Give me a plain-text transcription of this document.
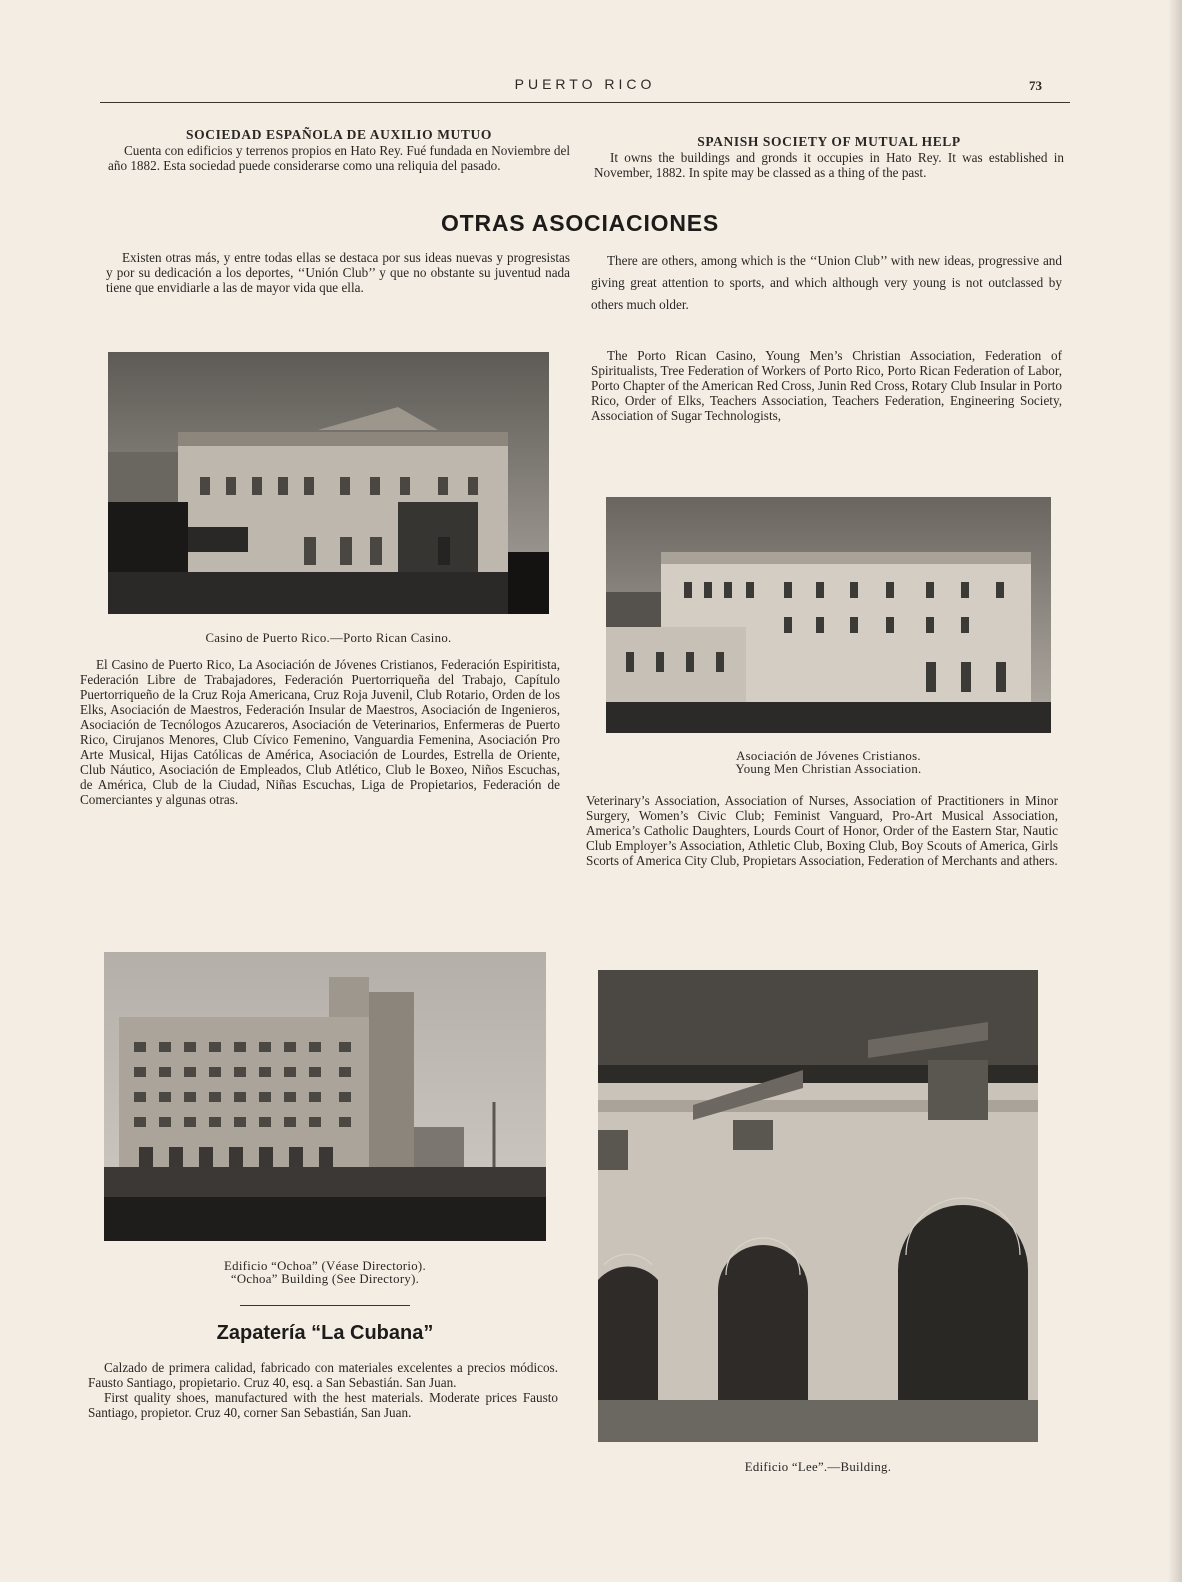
PUERTO RICO	73

SOCIEDAD ESPAÑOLA DE AUXILIO MUTUO

Cuenta con edificios y terrenos propios en Hato Rey. Fué fundada en Noviembre del año 1882. Esta sociedad puede considerarse como una reliquia del pasado.

SPANISH SOCIETY OF MUTUAL HELP

It owns the buildings and gronds it occupies in Hato Rey. It was established in November, 1882. In spite may be classed as a thing of the past.

OTRAS ASOCIACIONES

Existen otras más, y entre todas ellas se destaca por sus ideas nuevas y progresistas y por su dedicación a los deportes, ‘‘Unión Club’’ y que no obstante su juventud nada tiene que envidiarle a las de mayor vida que ella.

There are others, among which is the ‘‘Union Club’’ with new ideas, progressive and giving great attention to sports, and which although very young is not outclassed by others much older.

The Porto Rican Casino, Young Men’s Christian Association, Federation of Spiritualists, Tree Federation of Workers of Porto Rico, Porto Rican Federation of Labor, Porto Chapter of the American Red Cross, Junin Red Cross, Rotary Club Insular in Porto Rico, Order of Elks, Teachers Association, Teachers Federation, Engineering Society, Association of Sugar Technologists,

Casino de Puerto Rico.—Porto Rican Casino.

El Casino de Puerto Rico, La Asociación de Jóvenes Cristianos, Federación Espiritista, Federación Libre de Trabajadores, Federación Puertorriqueña del Trabajo, Capítulo Puertorriqueño de la Cruz Roja Americana, Cruz Roja Juvenil, Club Rotario, Orden de los Elks, Asociación de Maestros, Federación Insular de Maestros, Asociación de Ingenieros, Asociación de Tecnólogos Azucareros, Asociación de Veterinarios, Enfermeras de Puerto Rico, Cirujanos Menores, Club Cívico Femenino, Vanguardia Femenina, Asociación Pro Arte Musical, Hijas Católicas de América, Asociación de Lourdes, Estrella de Oriente, Club Náutico, Asociación de Empleados, Club Atlético, Club le Boxeo, Niños Escuchas, de América, Club de la Ciudad, Niñas Escuchas, Liga de Propietarios, Federación de Comerciantes y algunas otras.

Asociación de Jóvenes Cristianos.

Young Men Christian Association.

Veterinary’s Association, Association of Nurses, Association of Practitioners in Minor Surgery, Women’s Civic Club; Feminist Vanguard, Pro-Art Musical Association, America’s Catholic Daughters, Lourds Court of Honor, Order of the Eastern Star, Nautic Club Employer’s Association, Athletic Club, Boxing Club, Boy Scouts of America, Girls Scorts of America City Club, Propietars Association, Federation of Merchants and athers.

Edificio “Ochoa” (Véase Directorio).

“Ochoa” Building (See Directory).

Zapatería “La Cubana”

Calzado de primera calidad, fabricado con materiales excelentes a precios módicos. Fausto Santiago, propietario. Cruz 40, esq. a San Sebastián. San Juan.

First quality shoes, manufactured with the hest materials. Moderate prices Fausto Santiago, propietor. Cruz 40, corner San Sebastián, San Juan.

Edificio “Lee”.—Building.
